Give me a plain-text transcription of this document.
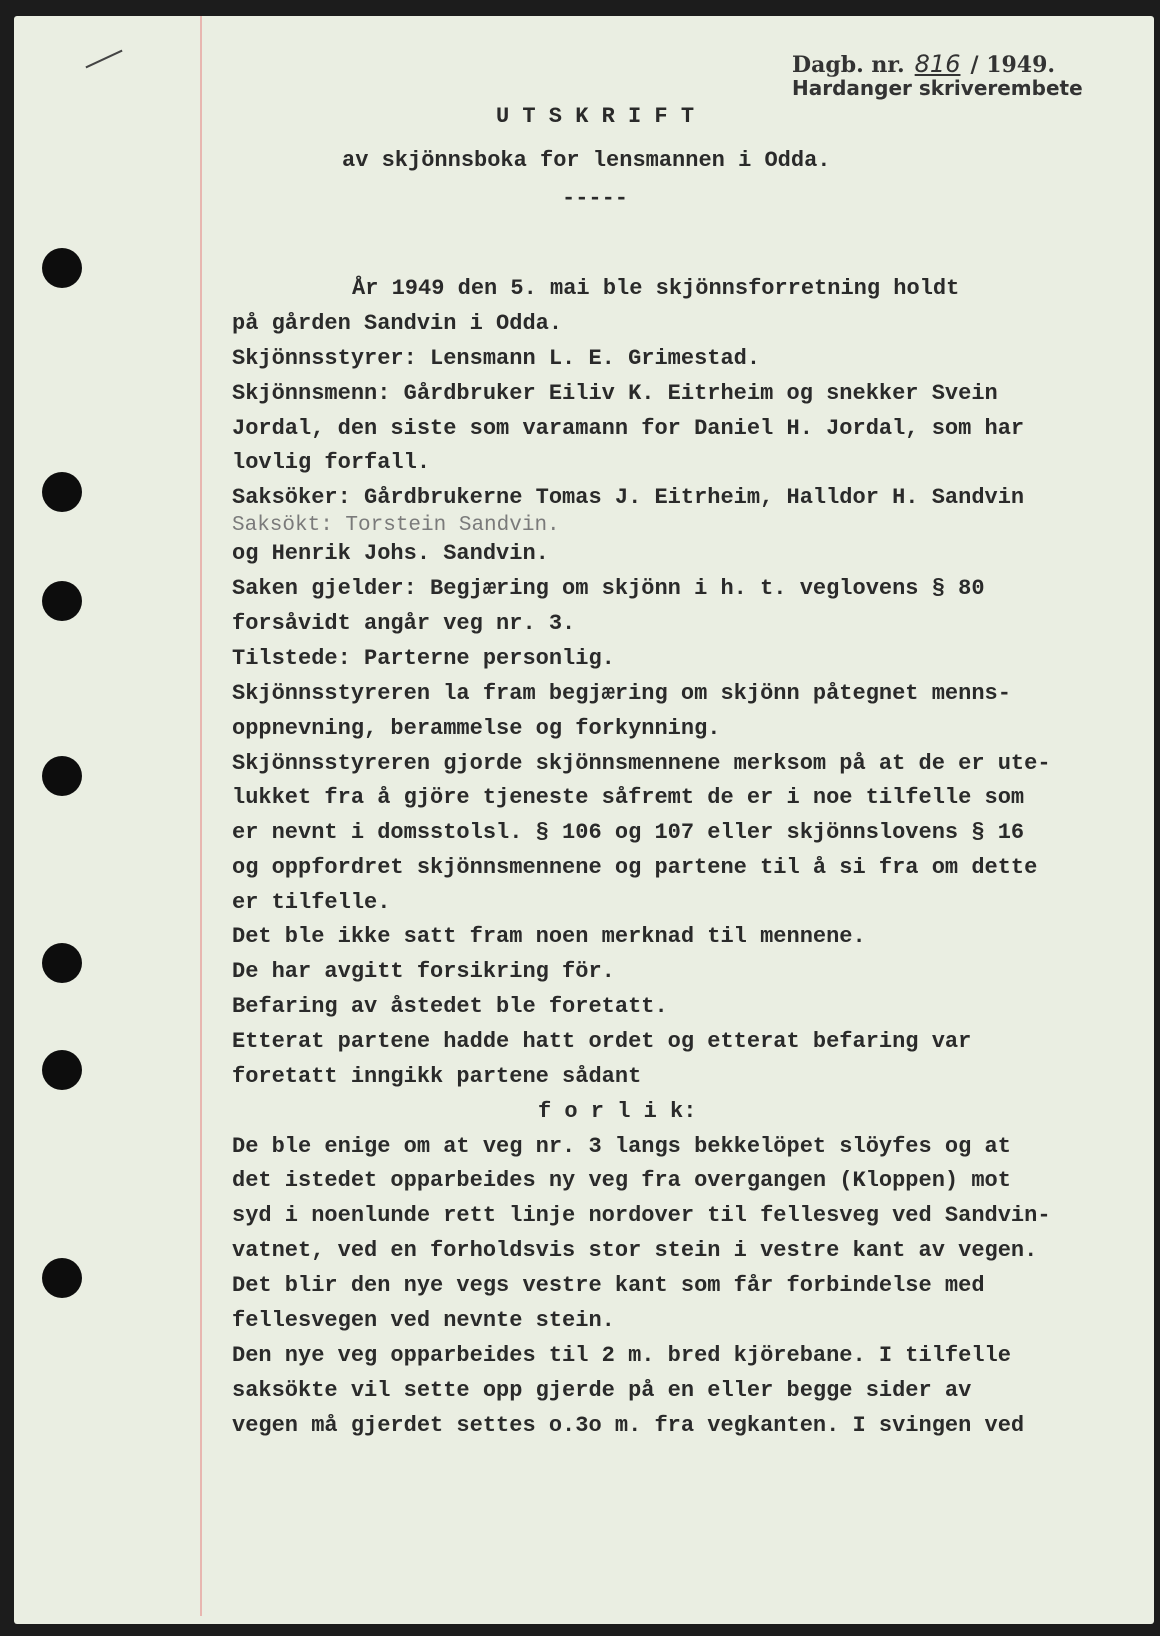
Dagb. nr. 816 / 1949.
Hardanger skriverembete
U T S K R I F T
av skjönnsboka for lensmannen i Odda.
-----
År 1949 den 5. mai ble skjönnsforretning holdt
på gården Sandvin i Odda.
Skjönnsstyrer: Lensmann L. E. Grimestad.
Skjönnsmenn: Gårdbruker Eiliv K. Eitrheim og snekker Svein
Jordal, den siste som varamann for Daniel H. Jordal, som har
lovlig forfall.
Saksöker: Gårdbrukerne Tomas J. Eitrheim, Halldor H. Sandvin
og Henrik Johs. Sandvin.
Saken gjelder: Begjæring om skjönn i h. t. veglovens § 80
forsåvidt angår veg nr. 3.
Tilstede: Parterne personlig.
Skjönnsstyreren la fram begjæring om skjönn påtegnet menns-
oppnevning, berammelse og forkynning.
Skjönnsstyreren gjorde skjönnsmennene merksom på at de er ute-
lukket fra å gjöre tjeneste såfremt de er i noe tilfelle som
er nevnt i domsstolsl. § 106 og 107 eller skjönnslovens § 16
og oppfordret skjönnsmennene og partene til å si fra om dette
er tilfelle.
Det ble ikke satt fram noen merknad til mennene.
De har avgitt forsikring för.
Befaring av åstedet ble foretatt.
Etterat partene hadde hatt ordet og etterat befaring var
foretatt inngikk partene sådant
f o r l i k:
De ble enige om at veg nr. 3 langs bekkelöpet slöyfes og at
det istedet opparbeides ny veg fra overgangen (Kloppen) mot
syd i noenlunde rett linje nordover til fellesveg ved Sandvin-
vatnet, ved en forholdsvis stor stein i vestre kant av vegen.
Det blir den nye vegs vestre kant som får forbindelse med
fellesvegen ved nevnte stein.
Den nye veg opparbeides til 2 m. bred kjörebane. I tilfelle
saksökte vil sette opp gjerde på en eller begge sider av
vegen må gjerdet settes o.3o m. fra vegkanten. I svingen ved
Saksökt: Torstein Sandvin.
